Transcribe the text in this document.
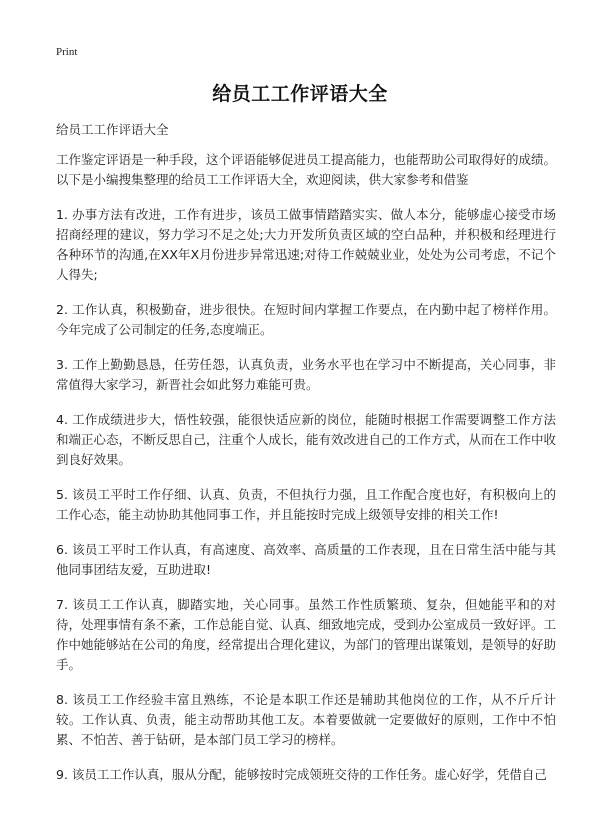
Print
给员工工作评语大全
给员工工作评语大全

工作鉴定评语是一种手段，这个评语能够促进员工提高能力，也能帮助公司取得好的成绩。以下是小编搜集整理的给员工工作评语大全，欢迎阅读，供大家参考和借鉴

1. 办事方法有改进，工作有进步，该员工做事情踏踏实实、做人本分，能够虚心接受市场招商经理的建议，努力学习不足之处;大力开发所负责区域的空白品种，并积极和经理进行各种环节的沟通,在XX年X月份进步异常迅速;对待工作兢兢业业，处处为公司考虑，不记个人得失;

2. 工作认真，积极勤奋，进步很快。在短时间内掌握工作要点，在内勤中起了榜样作用。 今年完成了公司制定的任务,态度端正。

3. 工作上勤勤恳恳，任劳任怨，认真负责，业务水平也在学习中不断提高，关心同事，非常值得大家学习，新晋社会如此努力难能可贵。

4. 工作成绩进步大，悟性较强，能很快适应新的岗位，能随时根据工作需要调整工作方法和端正心态，不断反思自己，注重个人成长，能有效改进自己的工作方式，从而在工作中收到良好效果。

5. 该员工平时工作仔细、认真、负责，不但执行力强，且工作配合度也好，有积极向上的工作心态，能主动协助其他同事工作，并且能按时完成上级领导安排的相关工作!

6. 该员工平时工作认真，有高速度、高效率、高质量的工作表现，且在日常生活中能与其他同事团结友爱，互助进取!

7. 该员工工作认真，脚踏实地，关心同事。虽然工作性质繁琐、复杂，但她能平和的对待，处理事情有条不紊，工作总能自觉、认真、细致地完成，受到办公室成员一致好评。工作中她能够站在公司的角度，经常提出合理化建议，为部门的管理出谋策划，是领导的好助手。

8. 该员工工作经验丰富且熟练，不论是本职工作还是辅助其他岗位的工作，从不斤斤计较。工作认真、负责，能主动帮助其他工友。本着要做就一定要做好的原则，工作中不怕累、不怕苦、善于钻研，是本部门员工学习的榜样。

9. 该员工工作认真，服从分配，能够按时完成领班交待的工作任务。虚心好学，凭借自己
